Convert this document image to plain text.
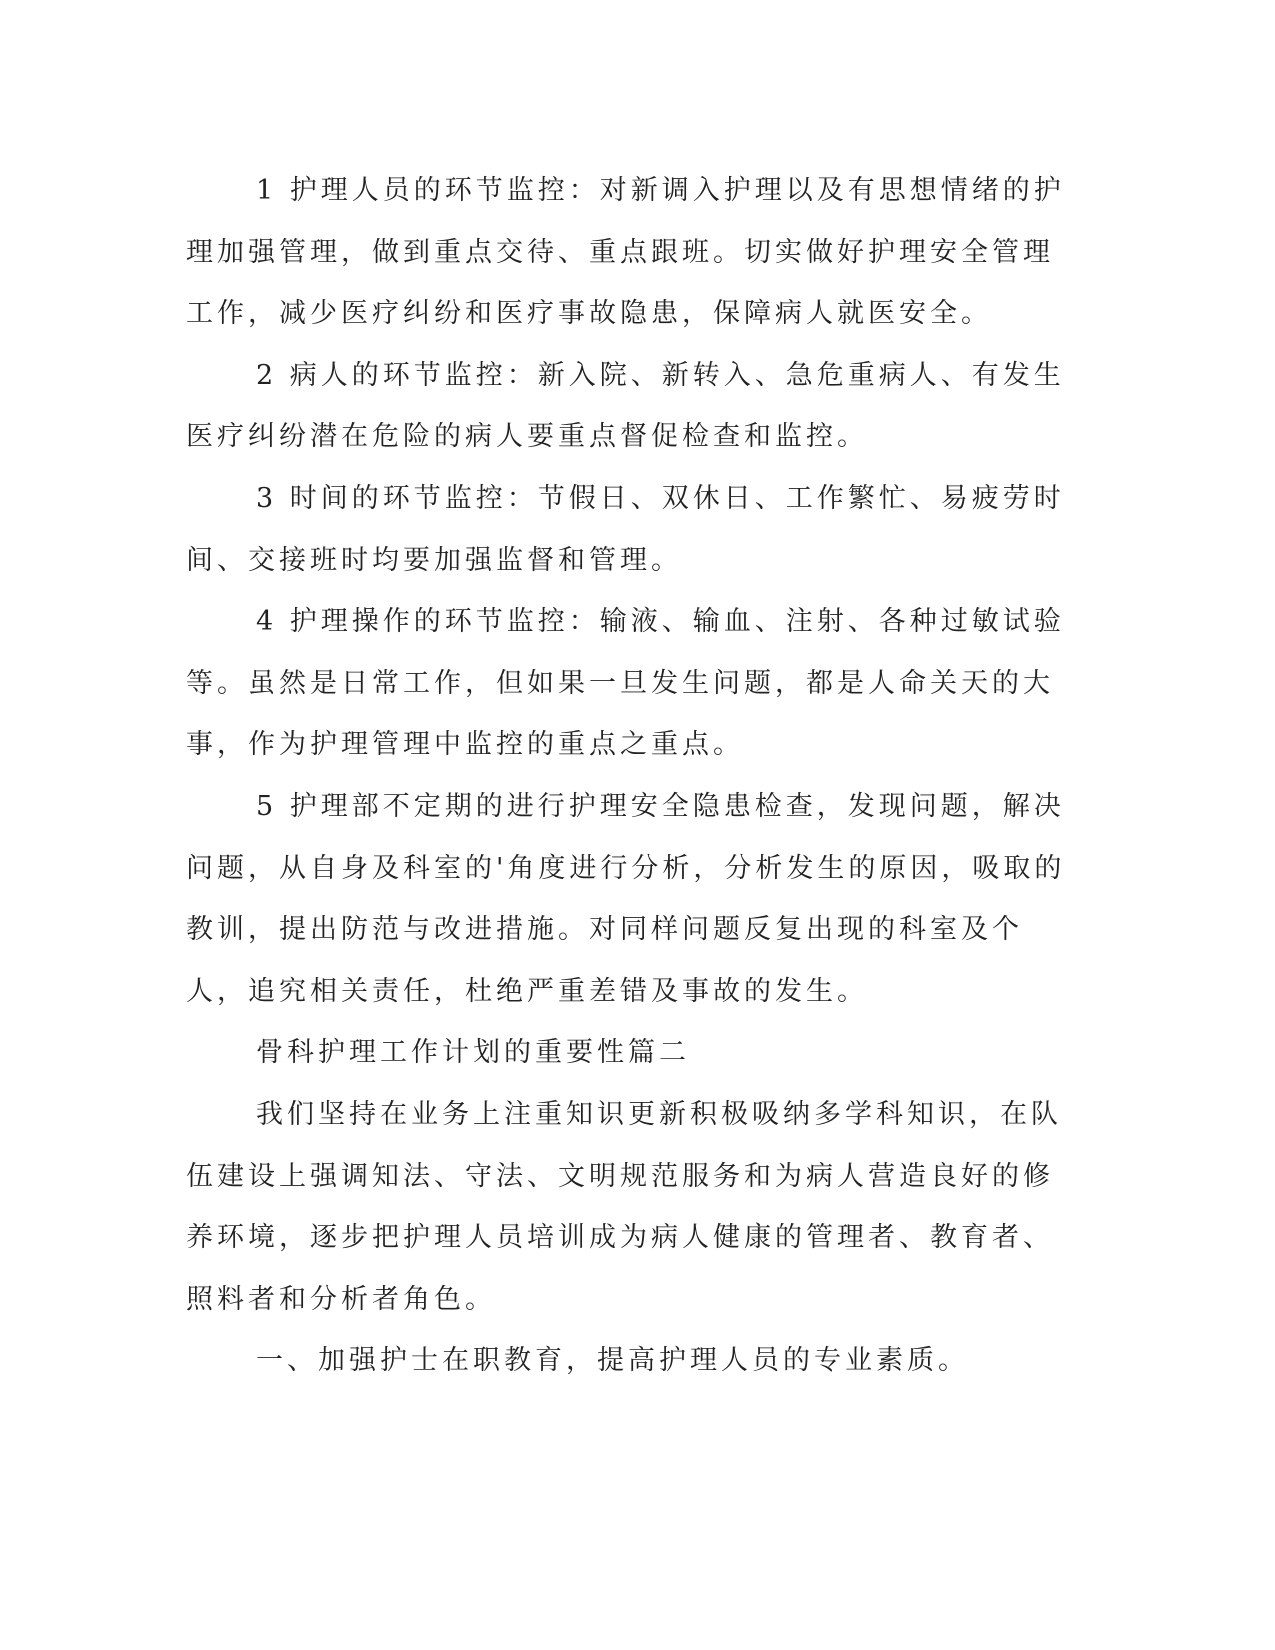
1 护理人员的环节监控：对新调入护理以及有思想情绪的护理加强管理，做到重点交待、重点跟班。切实做好护理安全管理工作，减少医疗纠纷和医疗事故隐患，保障病人就医安全。

2 病人的环节监控：新入院、新转入、急危重病人、有发生医疗纠纷潜在危险的病人要重点督促检查和监控。

3 时间的环节监控：节假日、双休日、工作繁忙、易疲劳时间、交接班时均要加强监督和管理。

4 护理操作的环节监控：输液、输血、注射、各种过敏试验等。虽然是日常工作，但如果一旦发生问题，都是人命关天的大事，作为护理管理中监控的重点之重点。

5 护理部不定期的进行护理安全隐患检查，发现问题，解决问题，从自身及科室的'角度进行分析，分析发生的原因，吸取的教训，提出防范与改进措施。对同样问题反复出现的科室及个人，追究相关责任，杜绝严重差错及事故的发生。

骨科护理工作计划的重要性篇二

我们坚持在业务上注重知识更新积极吸纳多学科知识，在队伍建设上强调知法、守法、文明规范服务和为病人营造良好的修养环境，逐步把护理人员培训成为病人健康的管理者、教育者、照料者和分析者角色。

一、加强护士在职教育，提高护理人员的专业素质。
